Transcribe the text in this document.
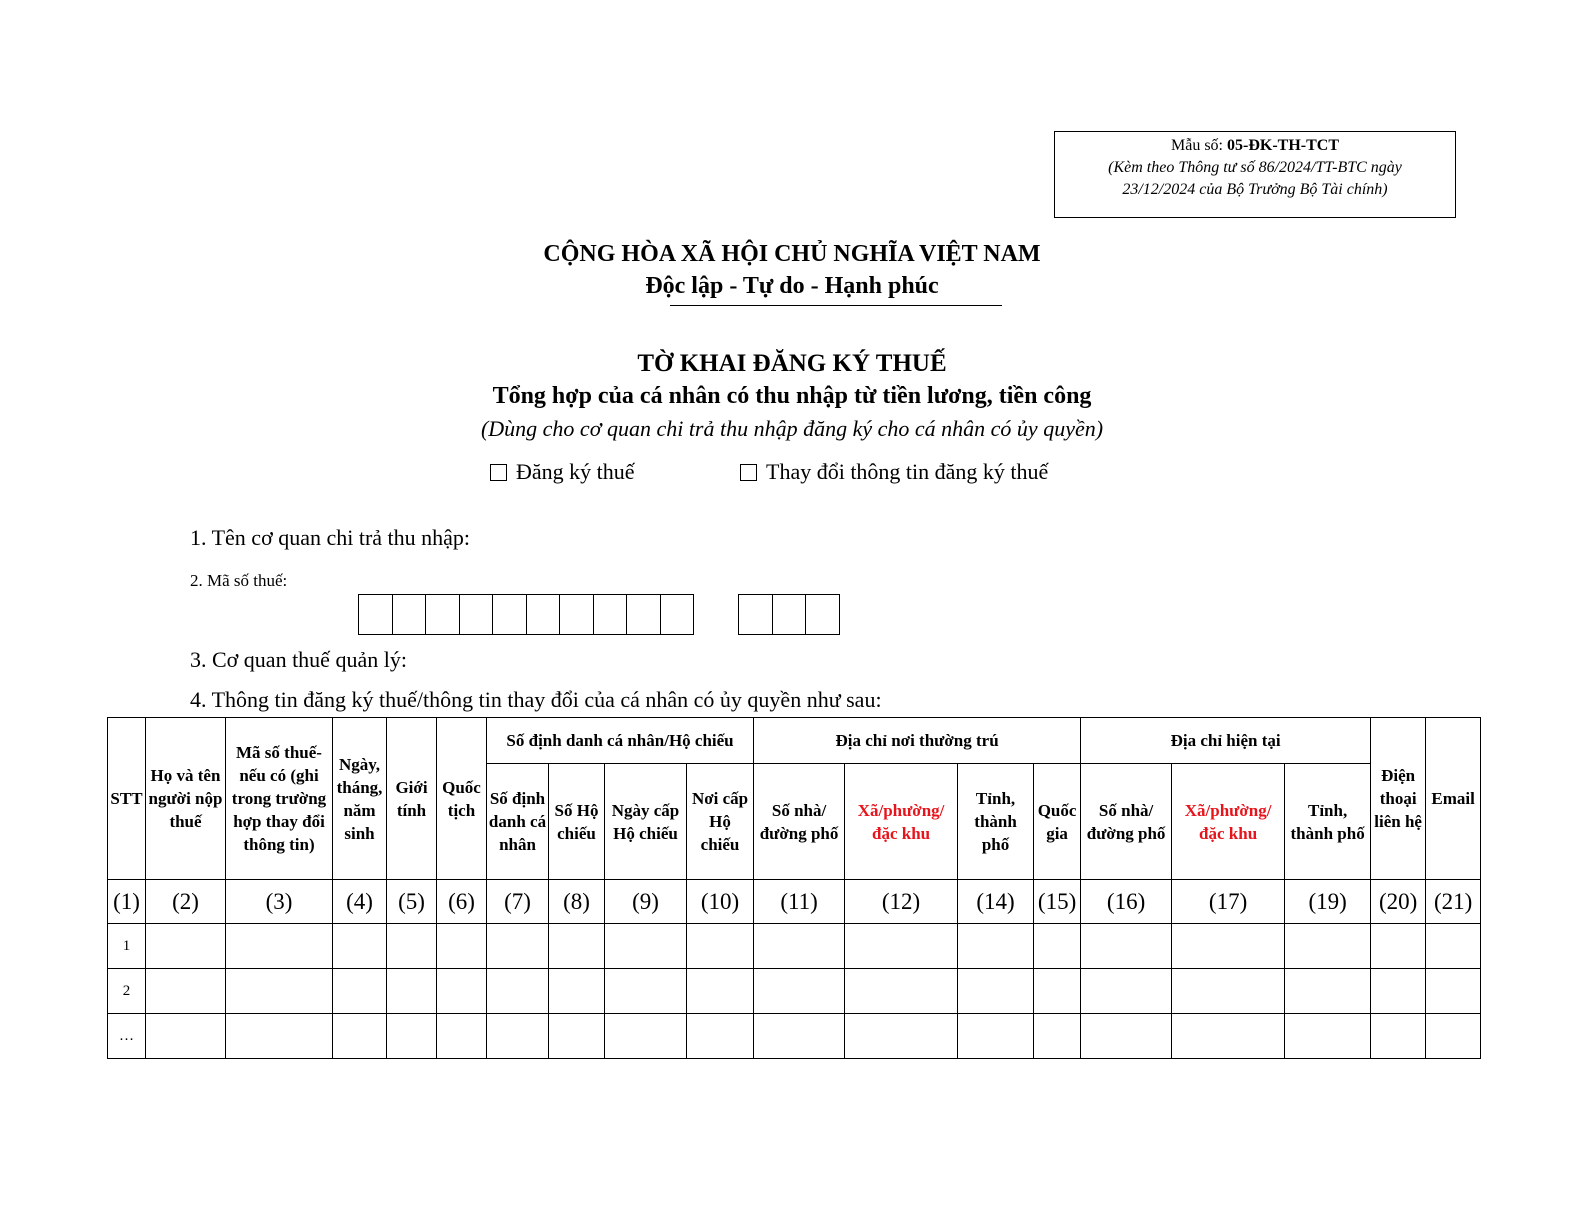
Mẫu số: 05-ĐK-TH-TCT
(Kèm theo Thông tư số 86/2024/TT-BTC ngày
23/12/2024 của Bộ Trưởng Bộ Tài chính)
CỘNG HÒA XÃ HỘI CHỦ NGHĨA VIỆT NAM
Độc lập - Tự do - Hạnh phúc
TỜ KHAI ĐĂNG KÝ THUẾ
Tổng hợp của cá nhân có thu nhập từ tiền lương, tiền công
(Dùng cho cơ quan chi trả thu nhập đăng ký cho cá nhân có ủy quyền)
Đăng ký thuế	Thay đổi thông tin đăng ký thuế
1. Tên cơ quan chi trả thu nhập:
2. Mã số thuế:
3. Cơ quan thuế quản lý:
4. Thông tin đăng ký thuế/thông tin thay đổi của cá nhân có ủy quyền như sau:
STT	Họ và tên người nộp thuế	Mã số thuế- nếu có (ghi trong trường hợp thay đổi thông tin)	Ngày, tháng, năm sinh	Giới tính	Quốc tịch	Số định danh cá nhân/Hộ chiếu				Địa chỉ nơi thường trú				Địa chỉ hiện tại			Điện thoại liên hệ	Email
						Số định danh cá nhân	Số Hộ chiếu	Ngày cấp Hộ chiếu	Nơi cấp Hộ chiếu	Số nhà/ đường phố	Xã/phường/ đặc khu	Tỉnh, thành phố	Quốc gia	Số nhà/ đường phố	Xã/phường/ đặc khu	Tỉnh, thành phố		
(1)	(2)	(3)	(4)	(5)	(6)	(7)	(8)	(9)	(10)	(11)	(12)	(14)	(15)	(16)	(17)	(19)	(20)	(21)
1																		
2																		
…																		
